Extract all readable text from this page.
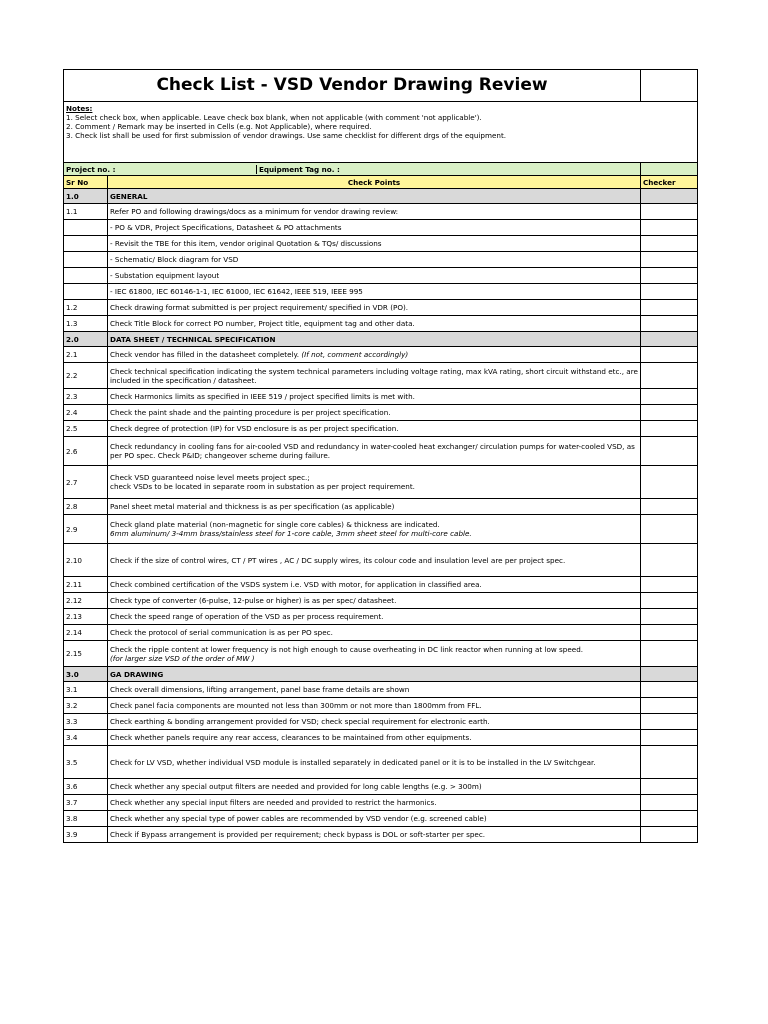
Check List - VSD Vendor Drawing Review		

Notes:
1. Select check box, when applicable. Leave check box blank, when not applicable (with comment 'not applicable').
2. Comment / Remark may be inserted in Cells (e.g. Not Applicable), where required.
3. Check list shall be used for first submission of vendor drawings. Use same checklist for different drgs of the equipment.		

Project no. : Equipment Tag no. :		

Sr No	Check Points	Checker
1.0	GENERAL	
1.1	Refer PO and following drawings/docs as a minimum for vendor drawing review:	
	- PO & VDR, Project Specifications, Datasheet & PO attachments	
	- Revisit the TBE for this item, vendor original Quotation & TQs/ discussions	
	- Schematic/ Block diagram for VSD	
	- Substation equipment layout	
	- IEC 61800, IEC 60146-1-1, IEC 61000, IEC 61642, IEEE 519, IEEE 995	
1.2	Check drawing format submitted is per project requirement/ specified in VDR (PO).	
1.3	Check Title Block for correct PO number, Project title, equipment tag and other data.	
2.0	DATA SHEET / TECHNICAL SPECIFICATION	
2.1	Check vendor has filled in the datasheet completely. (If not, comment accordingly)	
2.2	Check technical specification indicating the system technical parameters including voltage rating, max kVA rating, short circuit withstand etc., are included in the specification / datasheet.	
2.3	Check Harmonics limits as specified in IEEE 519 / project specified limits is met with.	
2.4	Check the paint shade and the painting procedure is per project specification.	
2.5	Check degree of protection (IP) for VSD enclosure is as per project specification.	
2.6	Check redundancy in cooling fans for air-cooled VSD and redundancy in water-cooled heat exchanger/ circulation pumps for water-cooled VSD, as per PO spec. Check P&ID; changeover scheme during failure.	
2.7	Check VSD guaranteed noise level meets project spec.;
check VSDs to be located in separate room in substation as per project requirement.	
2.8	Panel sheet metal material and thickness is as per specification (as applicable)	
2.9	Check gland plate material (non-magnetic for single core cables) & thickness are indicated.
6mm aluminum/ 3-4mm brass/stainless steel for 1-core cable, 3mm sheet steel for multi-core cable.	

2.10	Check if the size of control wires, CT / PT wires , AC / DC supply wires, its colour code and insulation level are per project spec.	
2.11	Check combined certification of the VSDS system i.e. VSD with motor, for application in classified area.	
2.12	Check type of converter (6-pulse, 12-pulse or higher) is as per spec/ datasheet.	
2.13	Check the speed range of operation of the VSD as per process requirement.	
2.14	Check the protocol of serial communication is as per PO spec.	
2.15	Check the ripple content at lower frequency is not high enough to cause overheating in DC link reactor when running at low speed.
(for larger size VSD of the order of MW )	

3.0	GA DRAWING	
3.1	Check overall dimensions, lifting arrangement, panel base frame details are shown	
3.2	Check panel facia components are mounted not less than 300mm or not more than 1800mm from FFL.	
3.3	Check earthing & bonding arrangement provided for VSD; check special requirement for electronic earth.	
3.4	Check whether panels require any rear access, clearances to be maintained from other equipments.	
3.5	Check for LV VSD, whether individual VSD module is installed separately in dedicated panel or it is to be installed in the LV Switchgear.	
3.6	Check whether any special output filters are needed and provided for long cable lengths (e.g. > 300m)	
3.7	Check whether any special input filters are needed and provided to restrict the harmonics.	
3.8	Check whether any special type of power cables are recommended by VSD vendor (e.g. screened cable)	
3.9	Check if Bypass arrangement is provided per requirement; check bypass is DOL or soft-starter per spec.	
